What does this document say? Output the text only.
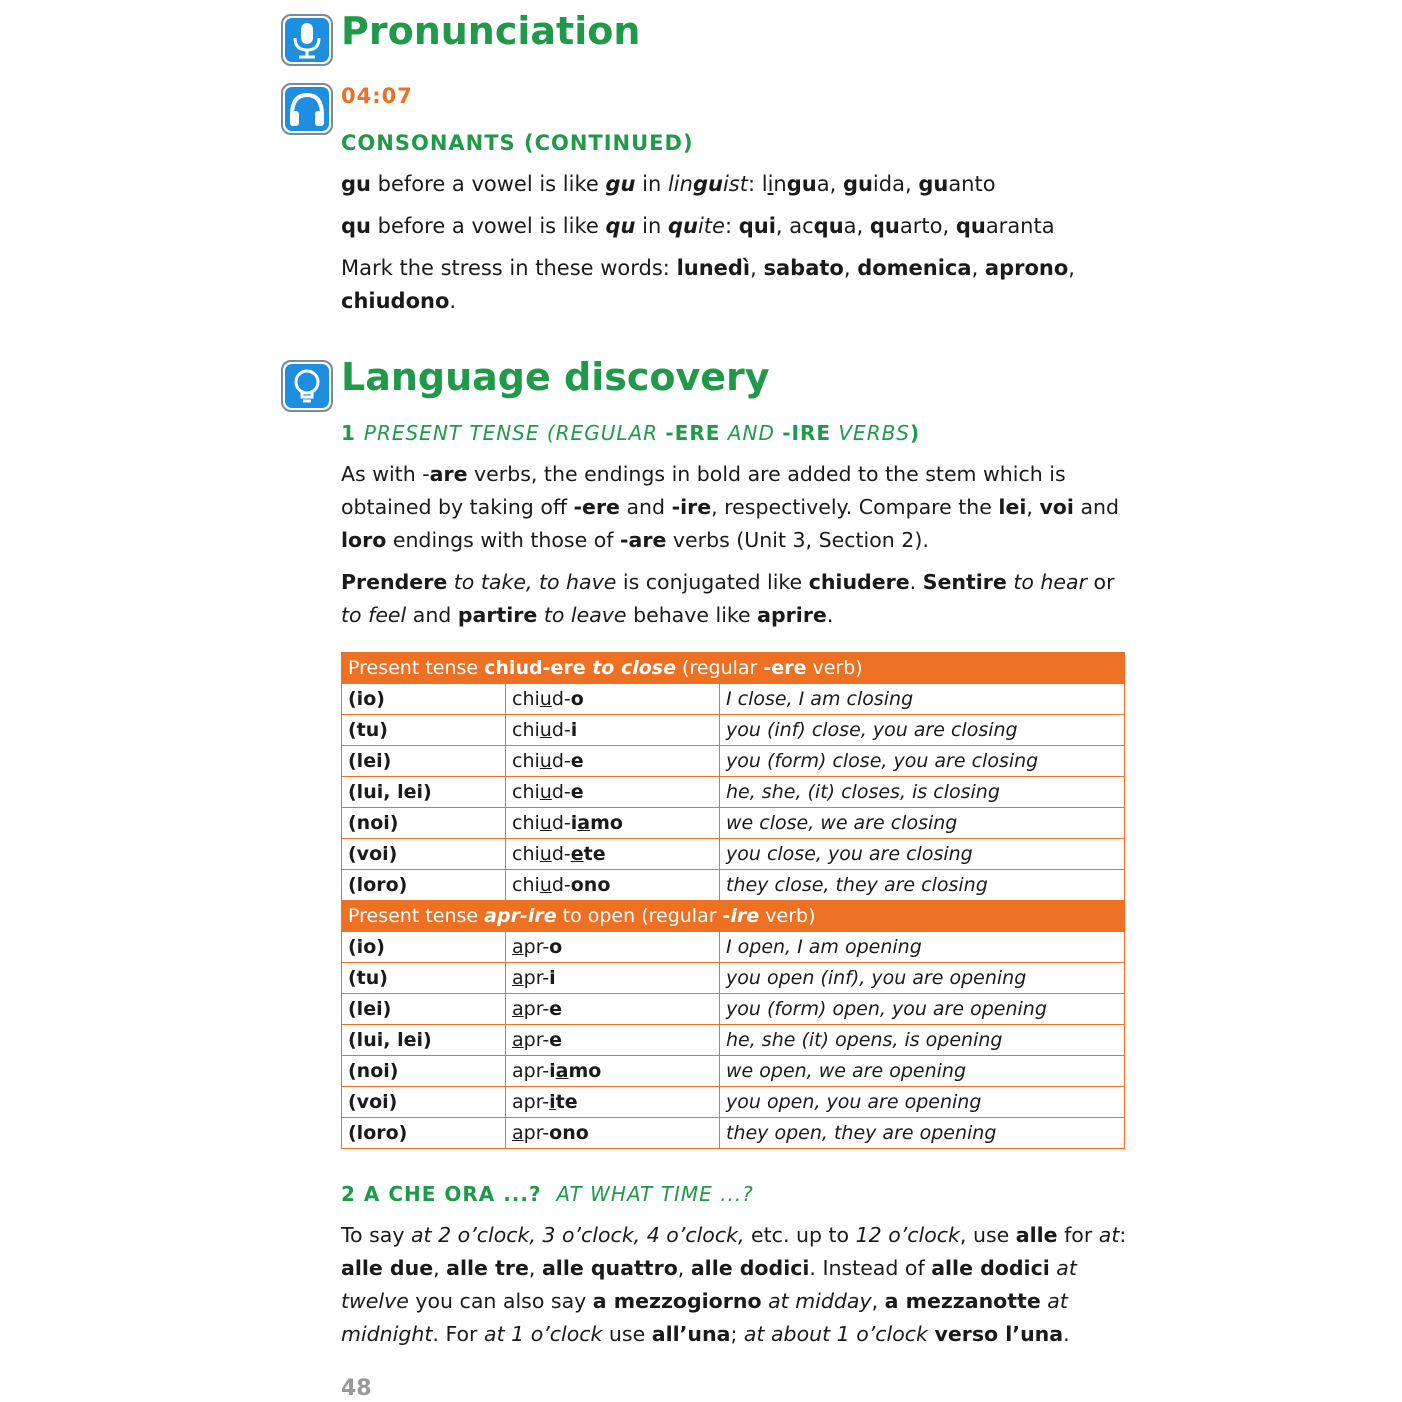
Pronunciation
04:07
CONSONANTS (CONTINUED)

gu before a vowel is like gu in linguist: lingua, guida, guanto

qu before a vowel is like qu in quite: qui, acqua, quarto, quaranta

Mark the stress in these words: lunedì, sabato, domenica, aprono, chiudono.

Language discovery
1 PRESENT TENSE (REGULAR -ERE AND -IRE VERBS)

As with -are verbs, the endings in bold are added to the stem which is obtained by taking off -ere and -ire, respectively. Compare the lei, voi and loro endings with those of -are verbs (Unit 3, Section 2).

Prendere to take, to have is conjugated like chiudere. Sentire to hear or to feel and partire to leave behave like aprire.

Present tense chiud-ere to close (regular -ere verb)		
(io)	chiud-o	I close, I am closing
(tu)	chiud-i	you (inf) close, you are closing
(lei)	chiud-e	you (form) close, you are closing
(lui, lei)	chiud-e	he, she, (it) closes, is closing
(noi)	chiud-iamo	we close, we are closing
(voi)	chiud-ete	you close, you are closing
(loro)	chiud-ono	they close, they are closing
Present tense apr-ire to open (regular -ire verb)		
(io)	apr-o	I open, I am opening
(tu)	apr-i	you open (inf), you are opening
(lei)	apr-e	you (form) open, you are opening
(lui, lei)	apr-e	he, she (it) opens, is opening
(noi)	apr-iamo	we open, we are opening
(voi)	apr-ite	you open, you are opening
(loro)	apr-ono	they open, they are opening
2 A CHE ORA ...?  AT WHAT TIME ...?

To say at 2 o’clock, 3 o’clock, 4 o’clock, etc. up to 12 o’clock, use alle for at: alle due, alle tre, alle quattro, alle dodici. Instead of alle dodici at twelve you can also say a mezzogiorno at midday, a mezzanotte at midnight. For at 1 o’clock use all’una; at about 1 o’clock verso l’una.

48
